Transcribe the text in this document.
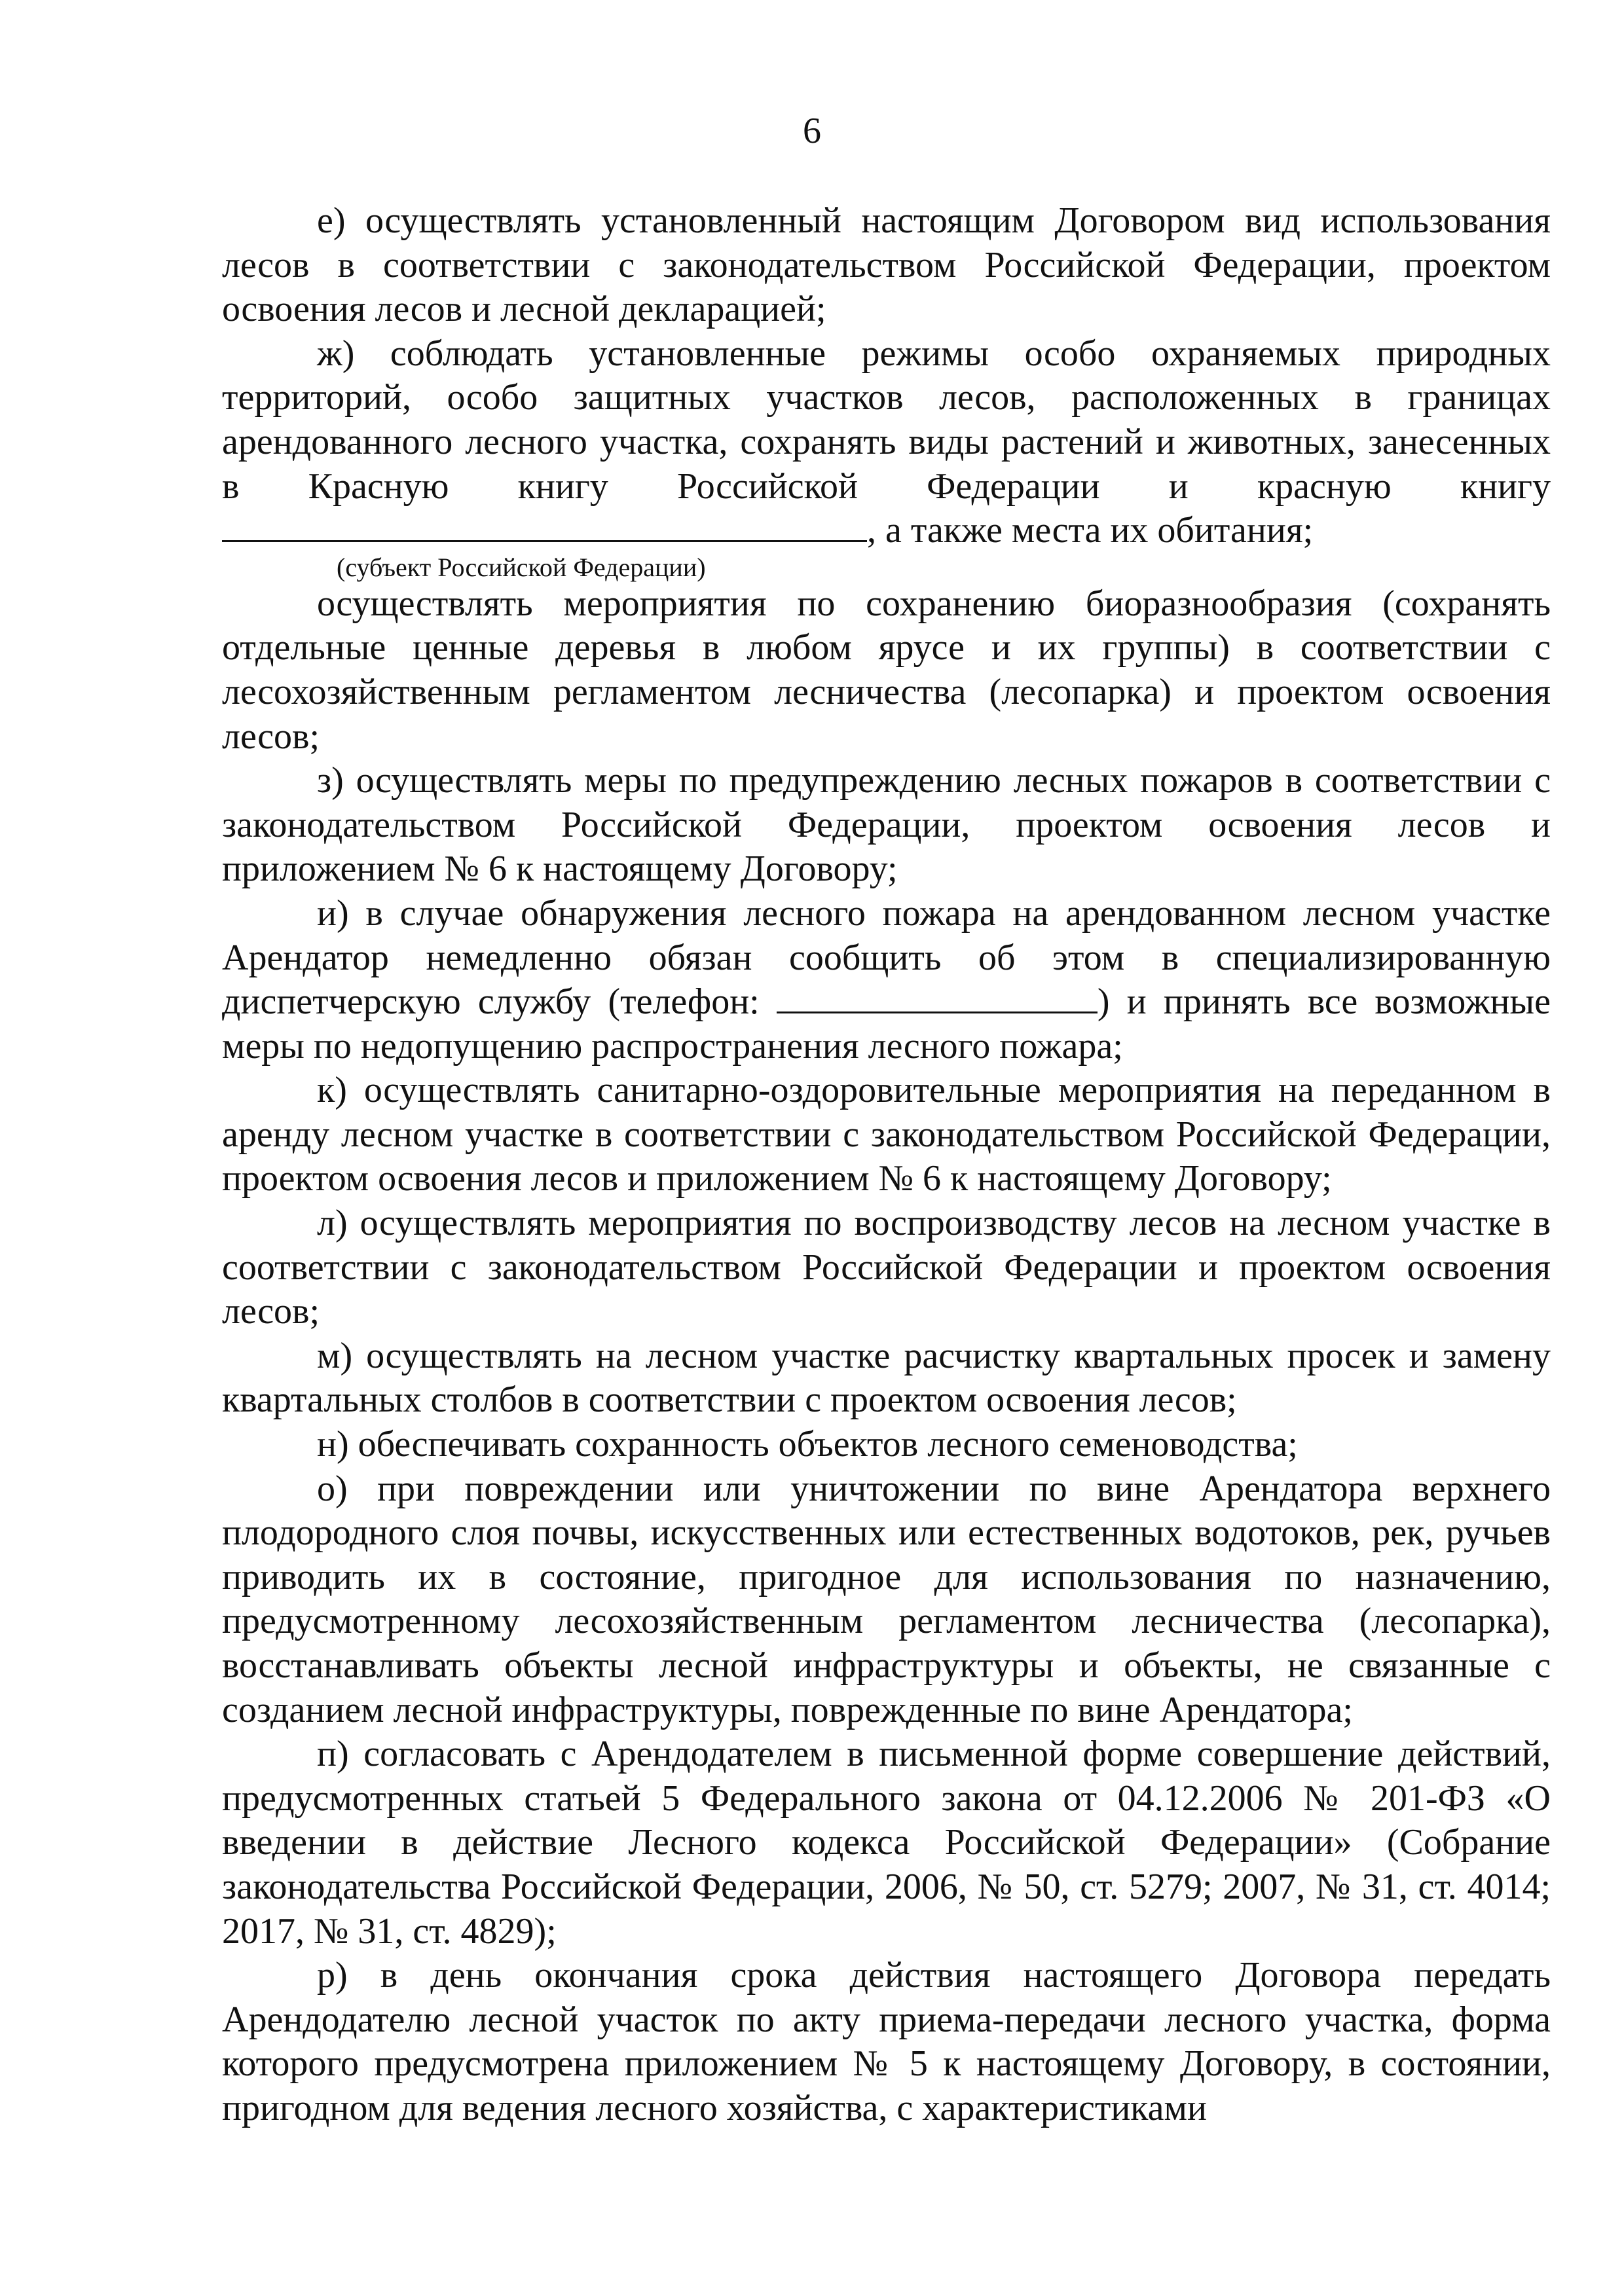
6

е) осуществлять установленный настоящим Договором вид использования лесов в соответствии с законодательством Российской Федерации, проектом освоения лесов и лесной декларацией;

ж) соблюдать установленные режимы особо охраняемых природных территорий, особо защитных участков лесов, расположенных в границах арендованного лесного участка, сохранять виды растений и животных, занесенных в Красную книгу Российской Федерации и красную книгу , а также места их обитания;

(субъект Российской Федерации)

осуществлять мероприятия по сохранению биоразнообразия (сохранять отдельные ценные деревья в любом ярусе и их группы) в соответствии с лесохозяйственным регламентом лесничества (лесопарка) и проектом освоения лесов;

з) осуществлять меры по предупреждению лесных пожаров в соответствии с законодательством Российской Федерации, проектом освоения лесов и приложением № 6 к настоящему Договору;

и) в случае обнаружения лесного пожара на арендованном лесном участке Арендатор немедленно обязан сообщить об этом в специализированную диспетчерскую службу (телефон:	) и принять все возможные меры по недопущению распространения лесного пожара;

к) осуществлять санитарно-оздоровительные мероприятия на переданном в аренду лесном участке в соответствии с законодательством Российской Федерации, проектом освоения лесов и приложением № 6 к настоящему Договору;

л) осуществлять мероприятия по воспроизводству лесов на лесном участке в соответствии с законодательством Российской Федерации и проектом освоения лесов;

м) осуществлять на лесном участке расчистку квартальных просек и замену квартальных столбов в соответствии с проектом освоения лесов;

н) обеспечивать сохранность объектов лесного семеноводства;

о) при повреждении или уничтожении по вине Арендатора верхнего плодородного слоя почвы, искусственных или естественных водотоков, рек, ручьев приводить их в состояние, пригодное для использования по назначению, предусмотренному лесохозяйственным регламентом лесничества (лесопарка), восстанавливать объекты лесной инфраструктуры и объекты, не связанные с созданием лесной инфраструктуры, поврежденные по вине Арендатора;

п) согласовать с Арендодателем в письменной форме совершение действий, предусмотренных статьей 5 Федерального закона от 04.12.2006 № 201-ФЗ «О введении в действие Лесного кодекса Российской Федерации» (Собрание законодательства Российской Федерации, 2006, № 50, ст. 5279; 2007, № 31, ст. 4014; 2017, № 31, ст. 4829);

р) в день окончания срока действия настоящего Договора передать Арендодателю лесной участок по акту приема-передачи лесного участка, форма которого предусмотрена приложением № 5 к настоящему Договору, в состоянии, пригодном для ведения лесного хозяйства, с характеристиками
